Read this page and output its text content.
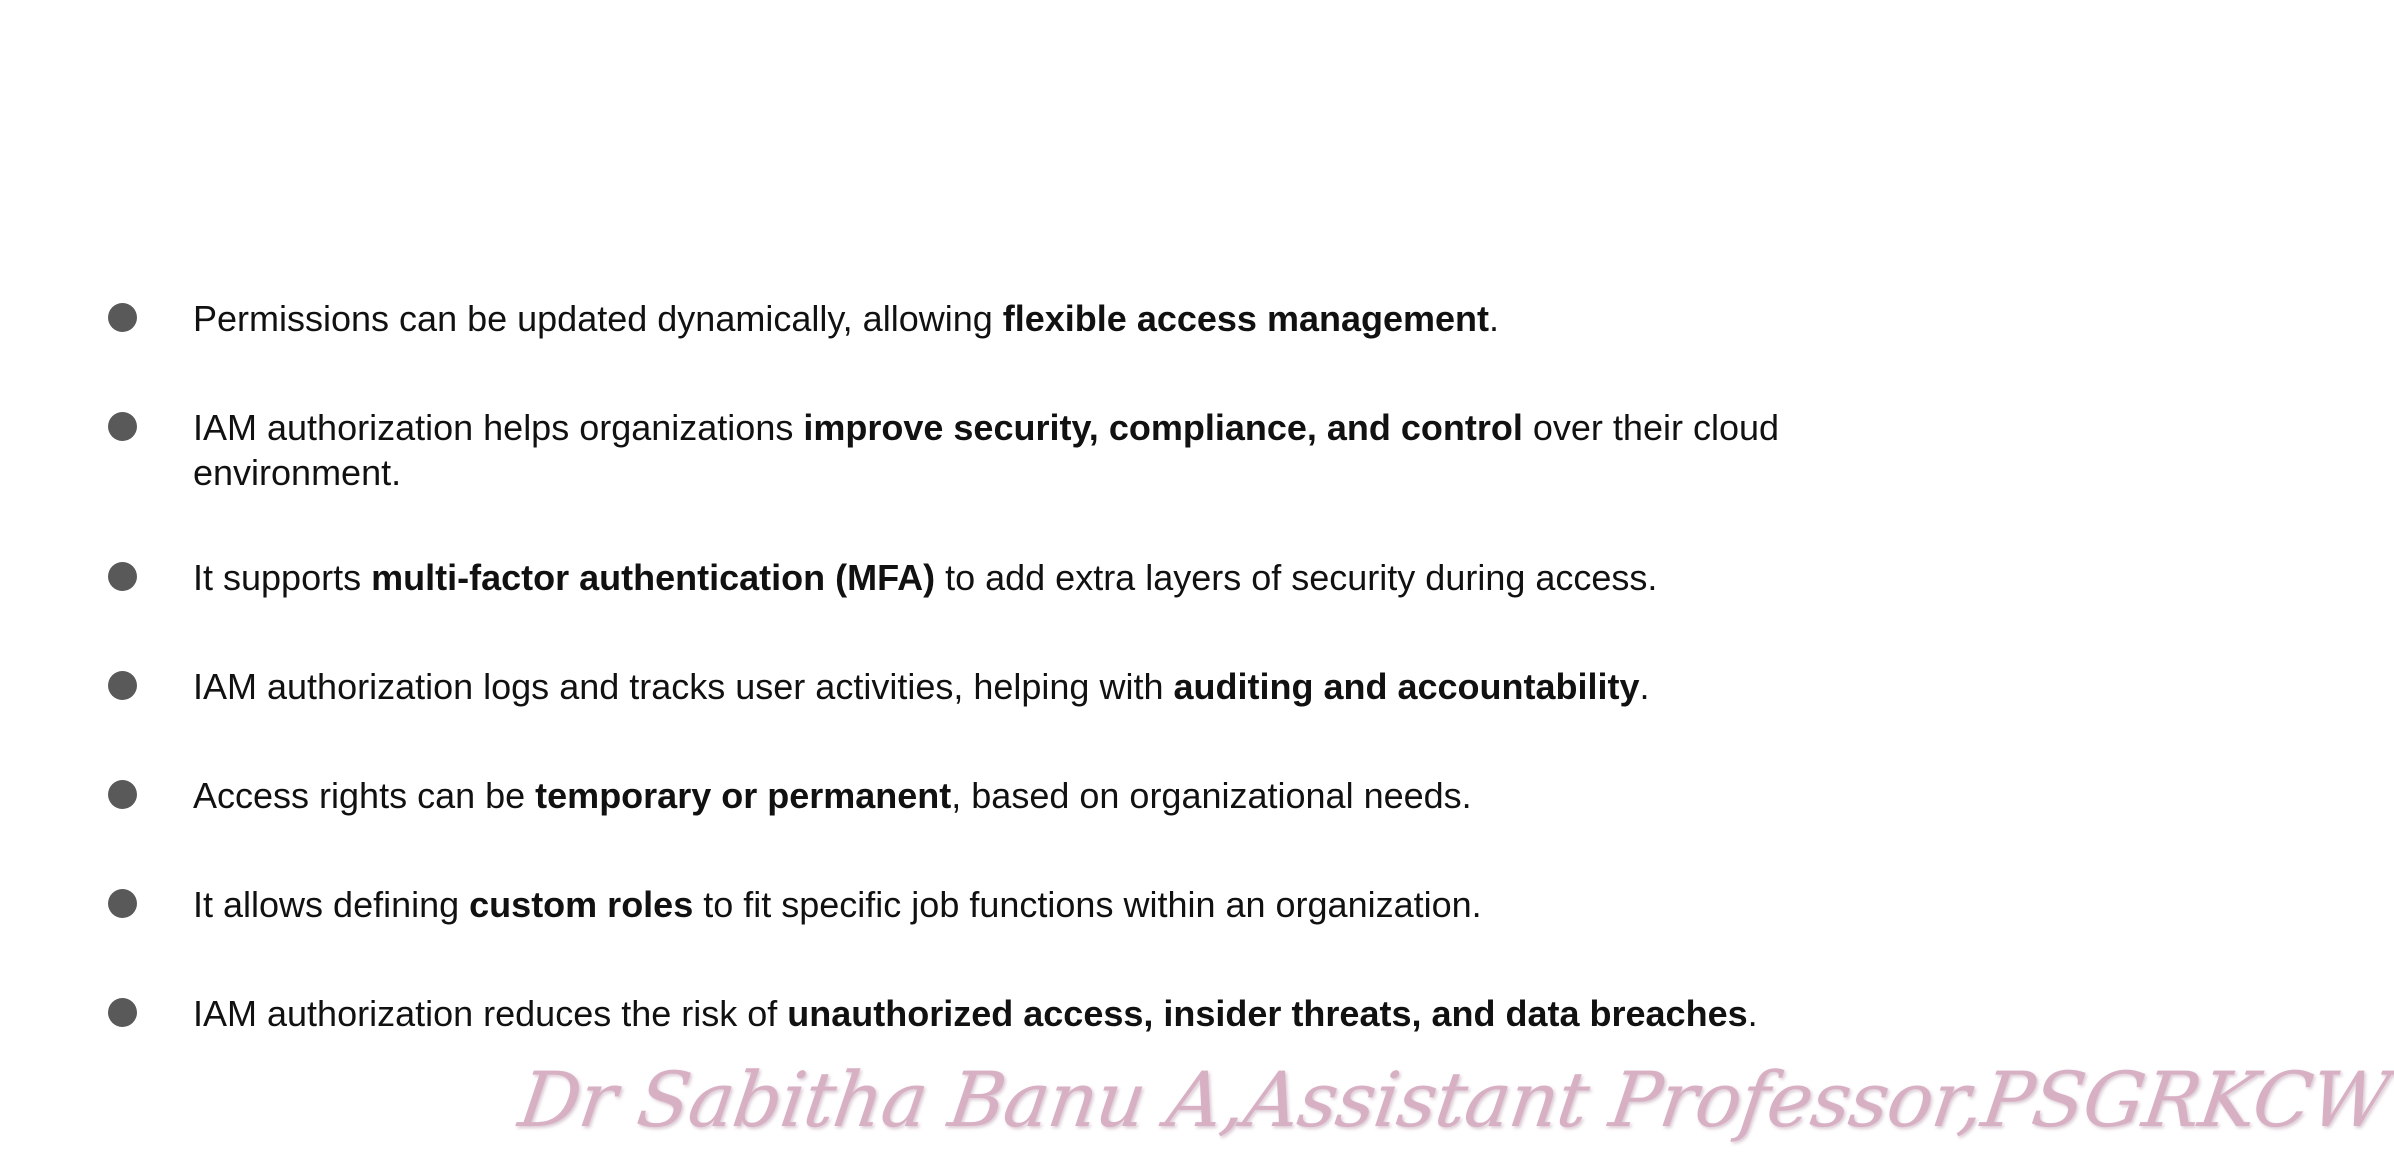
Permissions can be updated dynamically, allowing flexible access management.
IAM authorization helps organizations improve security, compliance, and control over their cloud environment.
It supports multi-factor authentication (MFA) to add extra layers of security during access.
IAM authorization logs and tracks user activities, helping with auditing and accountability.
Access rights can be temporary or permanent, based on organizational needs.
It allows defining custom roles to fit specific job functions within an organization.
IAM authorization reduces the risk of unauthorized access, insider threats, and data breaches.
Dr Sabitha Banu A,Assistant Professor,PSGRKCW
